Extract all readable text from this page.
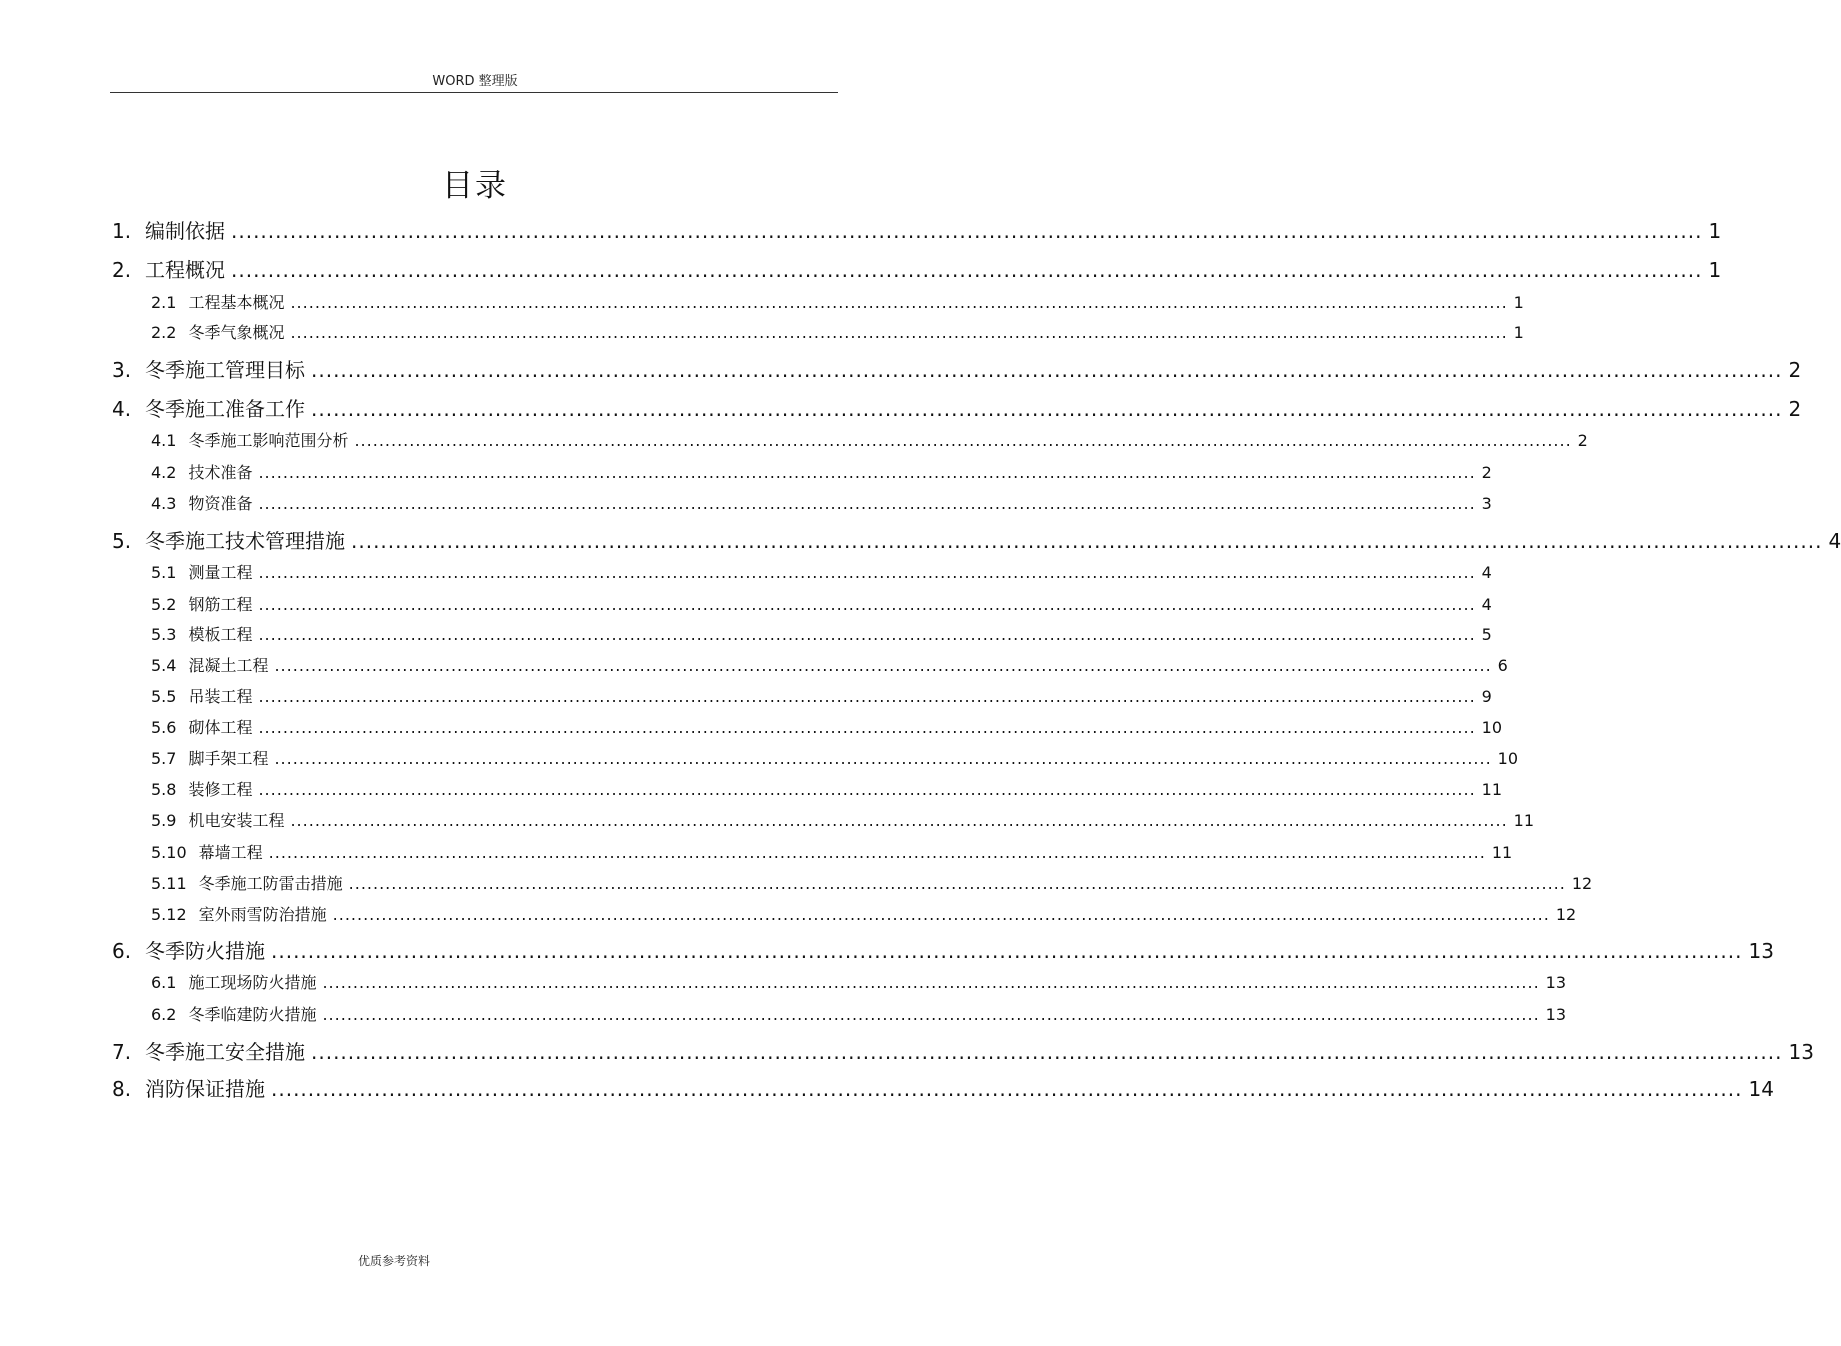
WORD 整理版
目录
1. 编制依据 ........................................................................................................................................................................................................ 1
2. 工程概况 ........................................................................................................................................................................................................ 1
2.1 工程基本概况 ........................................................................................................................................................................................................ 1
2.2 冬季气象概况 ........................................................................................................................................................................................................ 1
3. 冬季施工管理目标 ........................................................................................................................................................................................................ 2
4. 冬季施工准备工作 ........................................................................................................................................................................................................ 2
4.1 冬季施工影响范围分析 ........................................................................................................................................................................................................ 2
4.2 技术准备 ........................................................................................................................................................................................................ 2
4.3 物资准备 ........................................................................................................................................................................................................ 3
5. 冬季施工技术管理措施 ........................................................................................................................................................................................................ 4
5.1 测量工程 ........................................................................................................................................................................................................ 4
5.2 钢筋工程 ........................................................................................................................................................................................................ 4
5.3 模板工程 ........................................................................................................................................................................................................ 5
5.4 混凝土工程 ........................................................................................................................................................................................................ 6
5.5 吊装工程 ........................................................................................................................................................................................................ 9
5.6 砌体工程 ........................................................................................................................................................................................................ 10
5.7 脚手架工程 ........................................................................................................................................................................................................ 10
5.8 装修工程 ........................................................................................................................................................................................................ 11
5.9 机电安装工程 ........................................................................................................................................................................................................ 11
5.10 幕墙工程 ........................................................................................................................................................................................................ 11
5.11 冬季施工防雷击措施 ........................................................................................................................................................................................................ 12
5.12 室外雨雪防治措施 ........................................................................................................................................................................................................ 12
6. 冬季防火措施 ........................................................................................................................................................................................................ 13
6.1 施工现场防火措施 ........................................................................................................................................................................................................ 13
6.2 冬季临建防火措施 ........................................................................................................................................................................................................ 13
7. 冬季施工安全措施 ........................................................................................................................................................................................................ 13
8. 消防保证措施 ........................................................................................................................................................................................................ 14
优质参考资料
